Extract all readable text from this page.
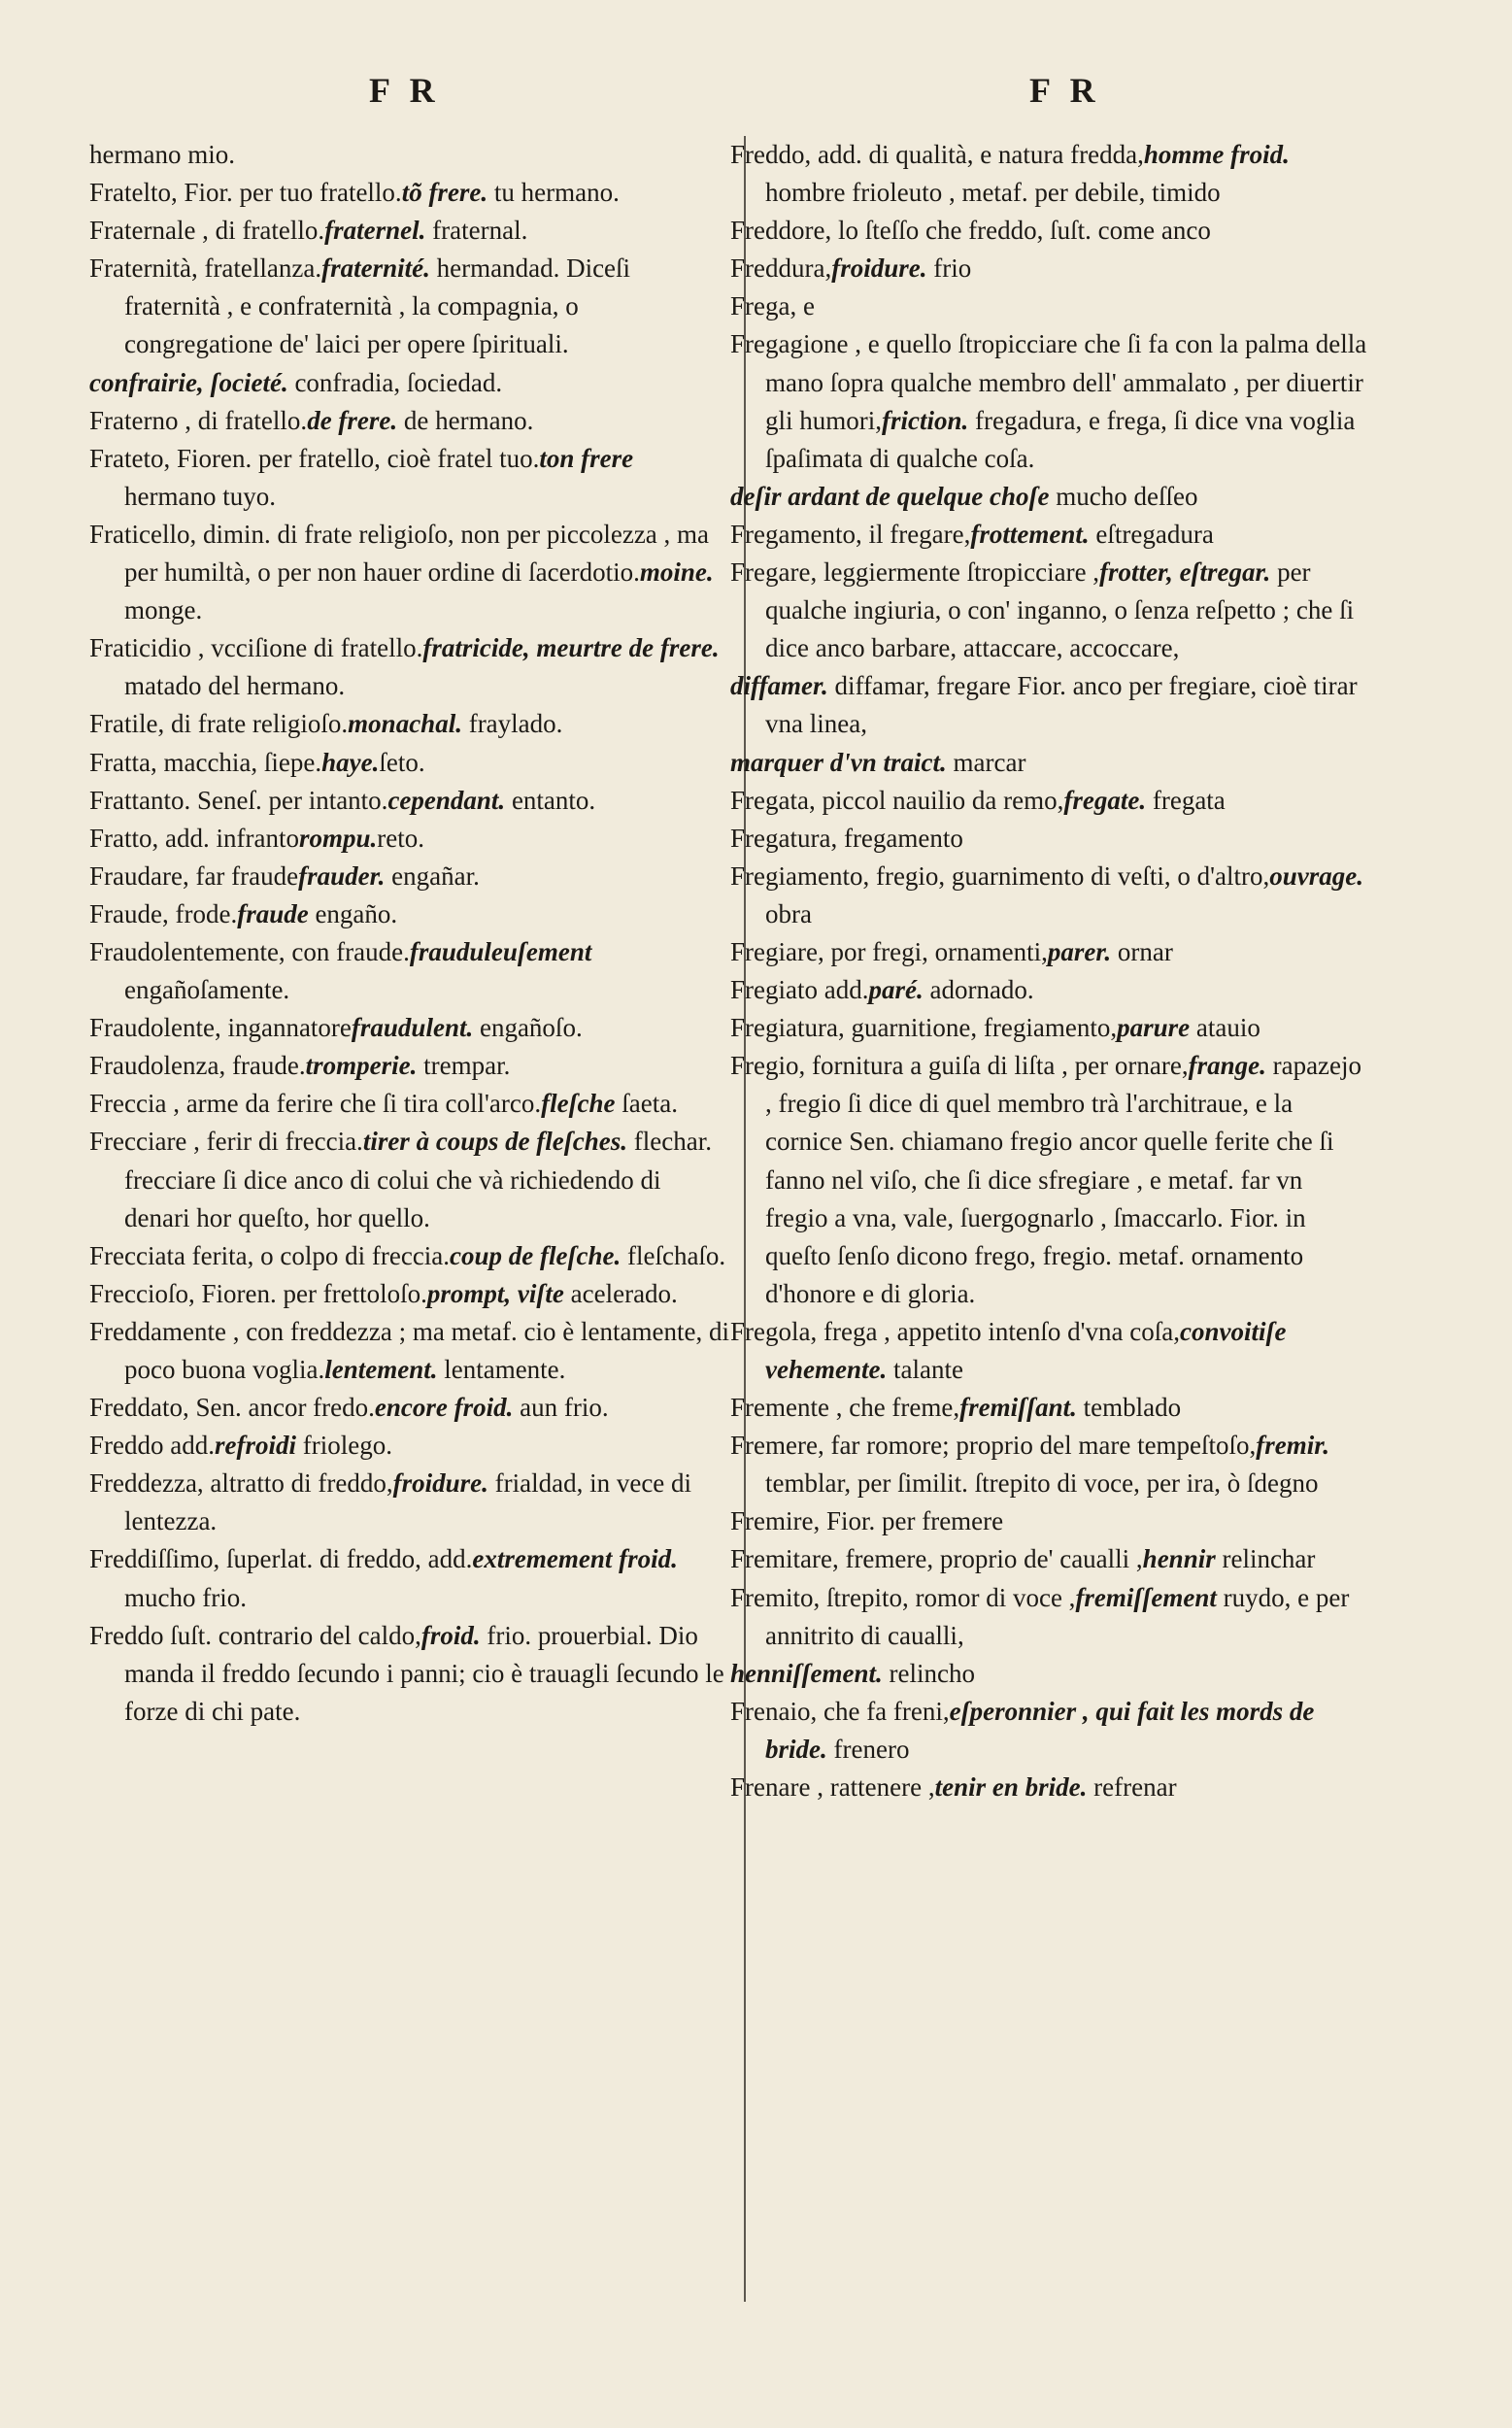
F R	F R
hermano mio.
Fratelto, Fior. per tuo fratello.tõ frere. tu hermano.
Fraternale , di fratello.fraternel. fraternal.
Fraternità, fratellanza.fraternité. hermandad. Diceſi fraternità , e confraternità , la compagnia, o congregatione de' laici per opere ſpirituali.
confrairie, ſocieté. confradia, ſociedad.
Fraterno , di fratello.de frere. de hermano.
Frateto, Fioren. per fratello, cioè fratel tuo.ton frere hermano tuyo.
Fraticello, dimin. di frate religioſo, non per piccolezza , ma per humiltà, o per non hauer ordine di ſacerdotio.moine. monge.
Fraticidio , vcciſione di fratello.fratricide, meurtre de frere. matado del hermano.
Fratile, di frate religioſo.monachal. fraylado.
Fratta, macchia, ſiepe.haye.ſeto.
Frattanto. Seneſ. per intanto.cependant. entanto.
Fratto, add. infrantorompu.reto.
Fraudare, far fraudefrauder. engañar.
Fraude, frode.fraude engaño.
Fraudolentemente, con fraude.frauduleuſement engañoſamente.
Fraudolente, ingannatorefraudulent. engañoſo.
Fraudolenza, fraude.tromperie. trempar.
Freccia , arme da ferire che ſi tira coll'arco.fleſche ſaeta.
Frecciare , ferir di freccia.tirer à coups de fleſches. flechar. frecciare ſi dice anco di colui che và richiedendo di denari hor queſto, hor quello.
Frecciata ferita, o colpo di freccia.coup de fleſche. fleſchaſo.
Freccioſo, Fioren. per frettoloſo.prompt, viſte acelerado.
Freddamente , con freddezza ; ma metaf. cio è lentamente, di poco buona voglia.lentement. lentamente.
Freddato, Sen. ancor fredo.encore froid. aun frio.
Freddo add.refroidi friolego.
Freddezza, altratto di freddo,froidure. frialdad, in vece di lentezza.
Freddiſſimo, ſuperlat. di freddo, add.extremement froid. mucho frio.
Freddo ſuſt. contrario del caldo,froid. frio. prouerbial. Dio manda il freddo ſecundo i panni; cio è trauagli ſecundo le forze di chi pate.
Freddo, add. di qualità, e natura fredda,homme froid. hombre frioleuto , metaf. per debile, timido
Freddore, lo ſteſſo che freddo, ſuſt. come anco
Freddura,froidure. frio
Frega, e
Fregagione , e quello ſtropicciare che ſi fa con la palma della mano ſopra qualche membro dell' ammalato , per diuertir gli humori,friction. fregadura, e frega, ſi dice vna voglia ſpaſimata di qualche coſa.
deſir ardant de quelque choſe mucho deſſeo
Fregamento, il fregare,frottement. eſtregadura
Fregare, leggiermente ſtropicciare ,frotter, eſtregar. per qualche ingiuria, o con' inganno, o ſenza reſpetto ; che ſi dice anco barbare, attaccare, accoccare,
diffamer. diffamar, fregare Fior. anco per fregiare, cioè tirar vna linea,
marquer d'vn traict. marcar
Fregata, piccol nauilio da remo,fregate. fregata
Fregatura, fregamento
Fregiamento, fregio, guarnimento di veſti, o d'altro,ouvrage. obra
Fregiare, por fregi, ornamenti,parer. ornar
Fregiato add.paré. adornado.
Fregiatura, guarnitione, fregiamento,parure atauio
Fregio, fornitura a guiſa di liſta , per ornare,frange. rapazejo , fregio ſi dice di quel membro trà l'architraue, e la cornice Sen. chiamano fregio ancor quelle ferite che ſi fanno nel viſo, che ſi dice sfregiare , e metaf. far vn fregio a vna, vale, ſuergognarlo , ſmaccarlo. Fior. in queſto ſenſo dicono frego, fregio. metaf. ornamento d'honore e di gloria.
Fregola, frega , appetito intenſo d'vna coſa,convoitiſe vehemente. talante
Fremente , che freme,fremiſſant. temblado
Fremere, far romore; proprio del mare tempeſtoſo,fremir. temblar, per ſimilit. ſtrepito di voce, per ira, ò ſdegno
Fremire, Fior. per fremere
Fremitare, fremere, proprio de' caualli ,hennir relinchar
Fremito, ſtrepito, romor di voce ,fremiſſement ruydo, e per annitrito di caualli,
henniſſement. relincho
Frenaio, che fa freni,eſperonnier , qui fait les mords de bride. frenero
Frenare , rattenere ,tenir en bride. refrenar
